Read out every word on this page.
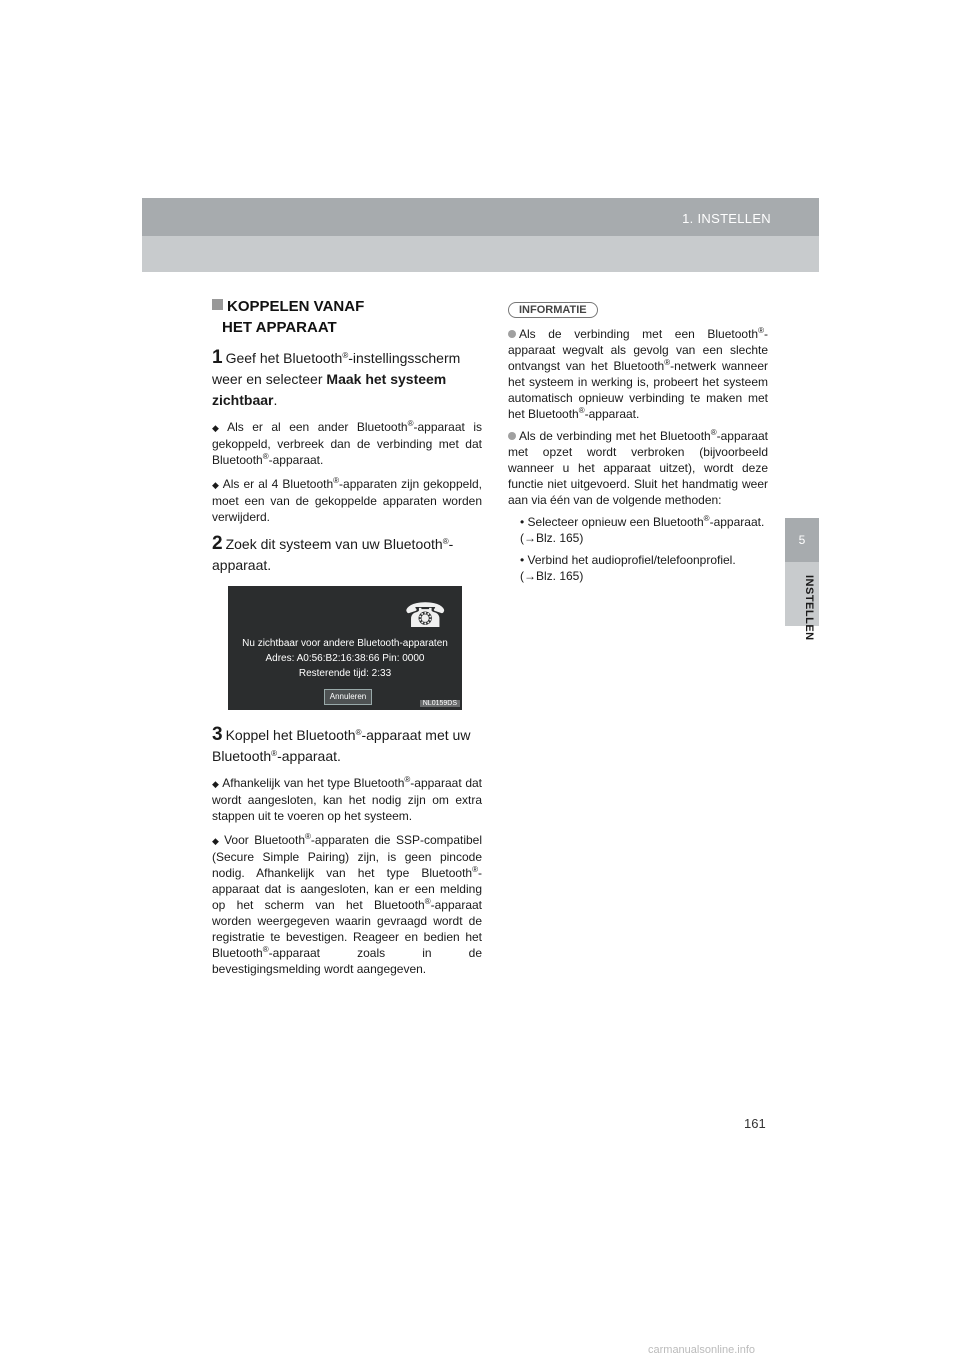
1. INSTELLEN
5
INSTELLEN
KOPPELEN VANAF
HET APPARAAT
1 Geef het Bluetooth®-instellingsscherm weer en selecteer Maak het systeem zichtbaar.
◆ Als er al een ander Bluetooth®-apparaat is gekoppeld, verbreek dan de verbinding met dat Bluetooth®-apparaat.
◆ Als er al 4 Bluetooth®-apparaten zijn gekoppeld, moet een van de gekoppelde apparaten worden verwijderd.
2 Zoek dit systeem van uw Bluetooth®-apparaat.
☎
Nu zichtbaar voor andere Bluetooth-apparaten
Adres: A0:56:B2:16:38:66 Pin: 0000
Resterende tijd: 2:33
Annuleren
NL0159DS
3 Koppel het Bluetooth®-apparaat met uw Bluetooth®-apparaat.
◆ Afhankelijk van het type Bluetooth®-apparaat dat wordt aangesloten, kan het nodig zijn om extra stappen uit te voeren op het systeem.
◆ Voor Bluetooth®-apparaten die SSP-compatibel (Secure Simple Pairing) zijn, is geen pincode nodig. Afhankelijk van het type Bluetooth®-apparaat dat is aangesloten, kan er een melding op het scherm van het Bluetooth®-apparaat worden weergegeven waarin gevraagd wordt de registratie te bevestigen. Reageer en bedien het Bluetooth®-apparaat zoals in de bevestigingsmelding wordt aangegeven.
INFORMATIE
Als de verbinding met een Bluetooth®-apparaat wegvalt als gevolg van een slechte ontvangst van het Bluetooth®-netwerk wanneer het systeem in werking is, probeert het systeem automatisch opnieuw verbinding te maken met het Bluetooth®-apparaat.
Als de verbinding met het Bluetooth®-apparaat met opzet wordt verbroken (bijvoorbeeld wanneer u het apparaat uitzet), wordt deze functie niet uitgevoerd. Sluit het handmatig weer aan via één van de volgende methoden:
• Selecteer opnieuw een Bluetooth®-apparaat. (→Blz. 165)
• Verbind het audioprofiel/telefoonprofiel. (→Blz. 165)
161
carmanualsonline.info
